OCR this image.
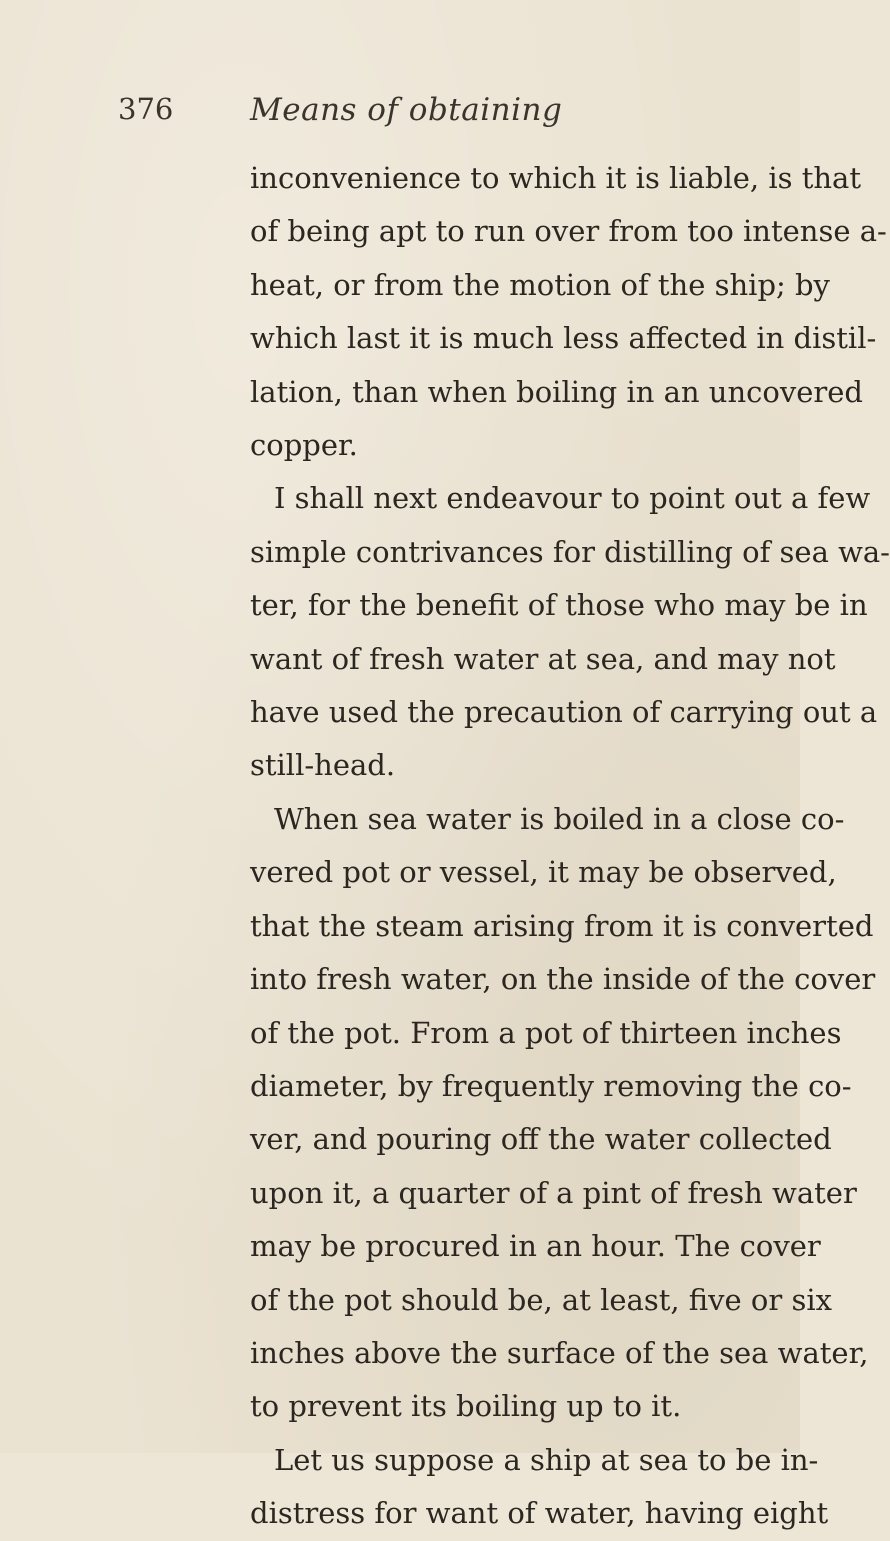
376 Means of obtaining
inconvenience to which it is liable, is that
of being apt to run over from too intense a-
heat, or from the motion of the ship; by
which last it is much less affected in distil-
lation, than when boiling in an uncovered
copper.
I shall next endeavour to point out a few
simple contrivances for distilling of sea wa-
ter, for the benefit of those who may be in
want of fresh water at sea, and may not
have used the precaution of carrying out a
still-head.
When sea water is boiled in a close co-
vered pot or vessel, it may be observed,
that the steam arising from it is converted
into fresh water, on the inside of the cover
of the pot. From a pot of thirteen inches
diameter, by frequently removing the co-
ver, and pouring off the water collected
upon it, a quarter of a pint of fresh water
may be procured in an hour. The cover
of the pot should be, at least, five or six
inches above the surface of the sea water,
to prevent its boiling up to it.
Let us suppose a ship at sea to be in-
distress for want of water, having eight
